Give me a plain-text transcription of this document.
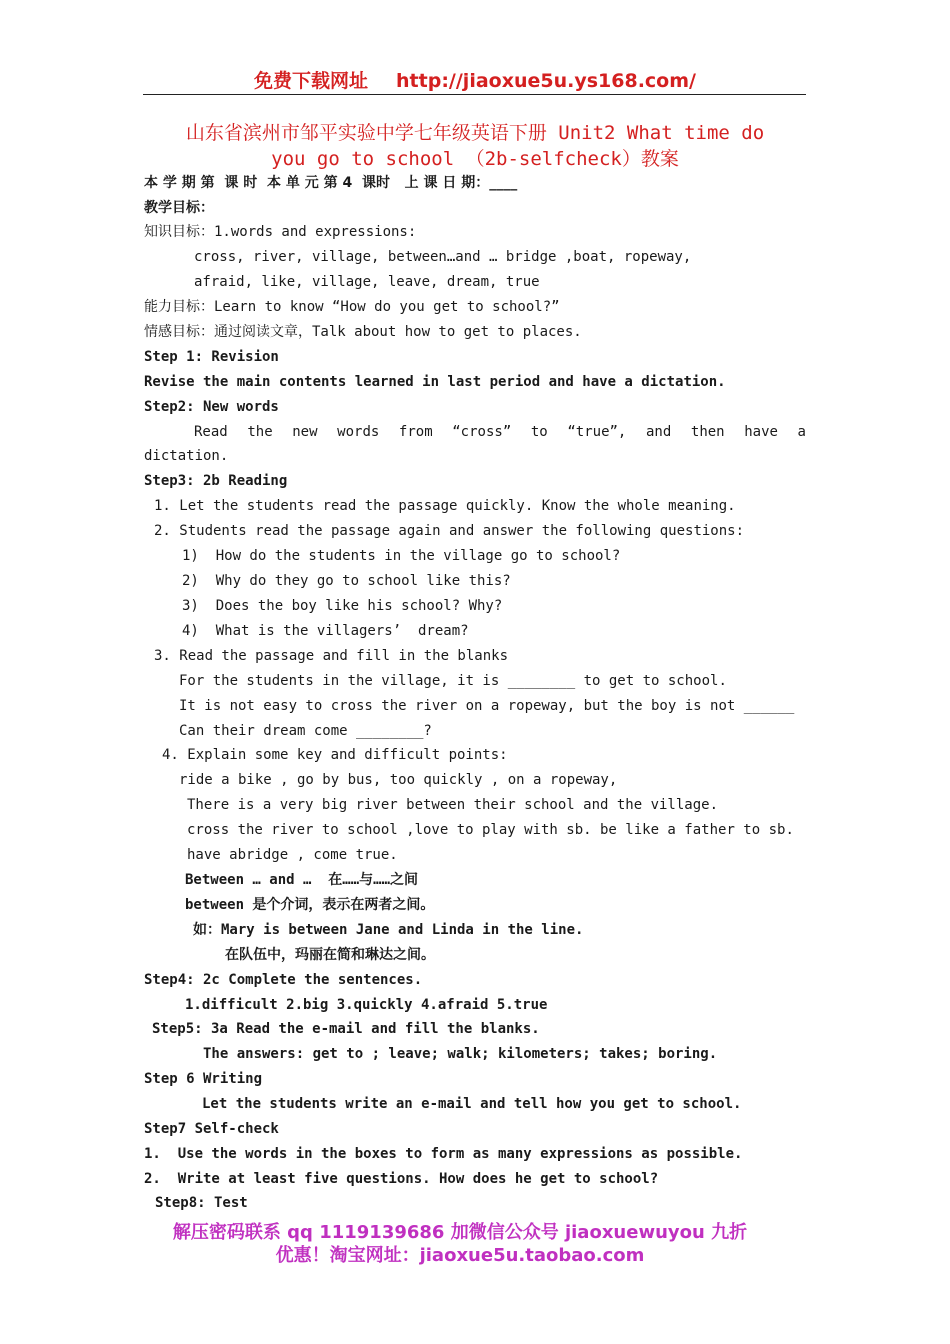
免费下载网址 http://jiaoxue5u.ys168.com/
山东省滨州市邹平实验中学七年级英语下册 Unit2 What time do
you go to school （2b-selfcheck）教案
本 学 期 第  课 时  本 单 元 第 4  课时   上 课 日 期：____
教学目标：
知识目标：1.words and expressions:
cross, river, village, between…and … bridge ,boat, ropeway,
afraid, like, village, leave, dream, true
能力目标：Learn to know “How do you get to school?”
情感目标：通过阅读文章，Talk about how to get to places.
Step 1: Revision
Revise the main contents learned in last period and have a dictation.
Step2: New words
Read the new words from “cross” to “true”, and then have a
dictation.
Step3: 2b Reading
1. Let the students read the passage quickly. Know the whole meaning.
2. Students read the passage again and answer the following questions:
1)  How do the students in the village go to school?
2)  Why do they go to school like this?
3)  Does the boy like his school? Why?
4)  What is the villagers’  dream?
3. Read the passage and fill in the blanks
For the students in the village, it is ________ to get to school.
It is not easy to cross the river on a ropeway, but the boy is not ______
Can their dream come ________?
4. Explain some key and difficult points:
ride a bike , go by bus, too quickly , on a ropeway,
There is a very big river between their school and the village.
cross the river to school ,love to play with sb. be like a father to sb.
have abridge , come true.
Between … and …  在……与……之间
between 是个介词，表示在两者之间。
如：Mary is between Jane and Linda in the line.
在队伍中，玛丽在简和琳达之间。
Step4: 2c Complete the sentences.
1.difficult 2.big 3.quickly 4.afraid 5.true
Step5: 3a Read the e-mail and fill the blanks.
The answers: get to ; leave; walk; kilometers; takes; boring.
Step 6 Writing
Let the students write an e-mail and tell how you get to school.
Step7 Self-check
1.  Use the words in the boxes to form as many expressions as possible.
2.  Write at least five questions. How does he get to school?
Step8: Test
解压密码联系 qq 1119139686 加微信公众号 jiaoxuewuyou 九折
优惠！淘宝网址：jiaoxue5u.taobao.com
